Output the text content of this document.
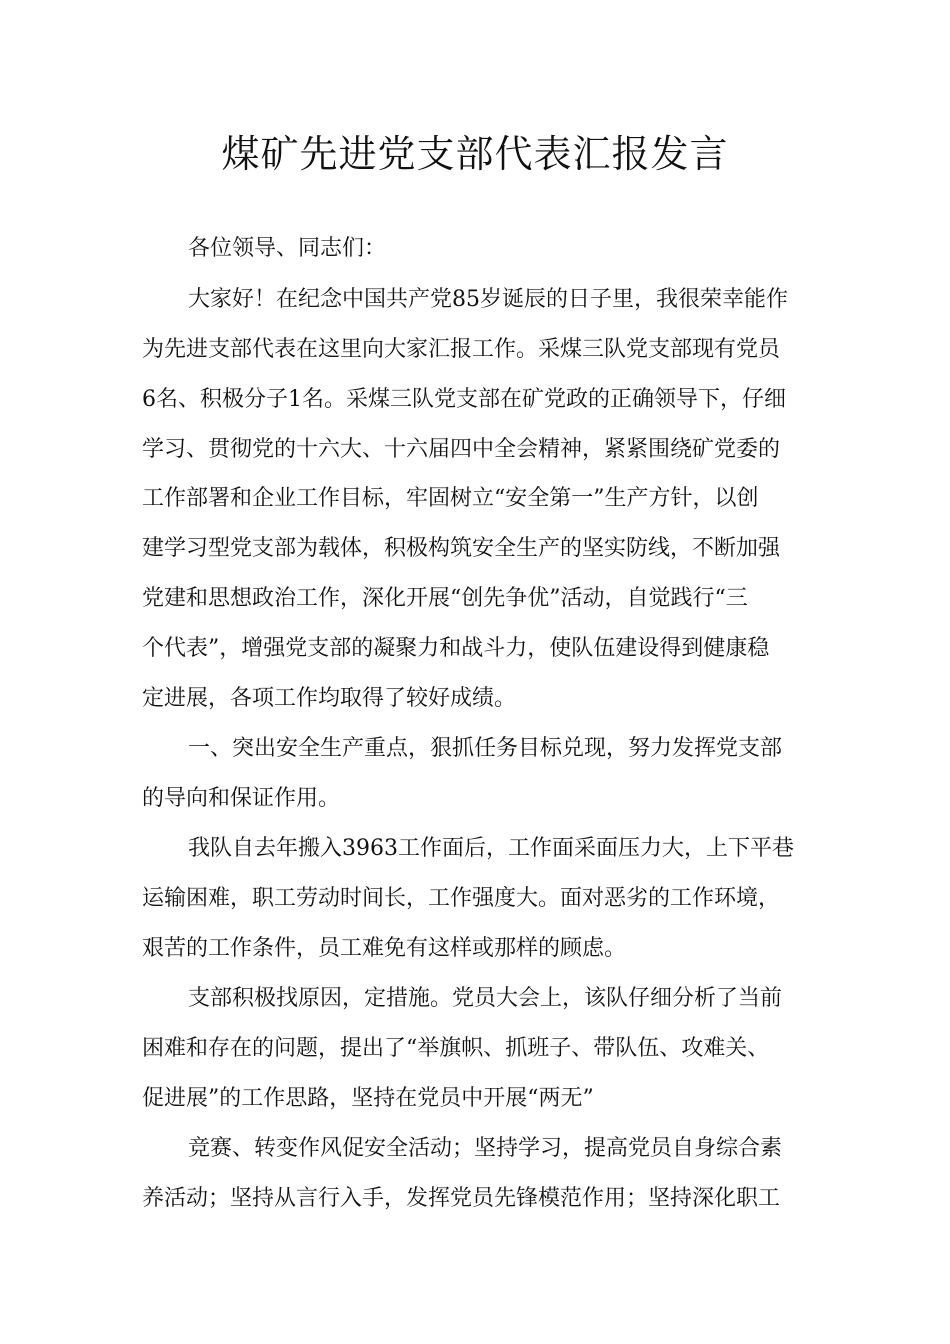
煤矿先进党支部代表汇报发言
各位领导、同志们：
大家好！在纪念中国共产党85岁诞辰的日子里，我很荣幸能作
为先进支部代表在这里向大家汇报工作。采煤三队党支部现有党员
6名、积极分子1名。采煤三队党支部在矿党政的正确领导下，仔细
学习、贯彻党的十六大、十六届四中全会精神，紧紧围绕矿党委的
工作部署和企业工作目标，牢固树立“安全第一”生产方针，以创
建学习型党支部为载体，积极构筑安全生产的坚实防线，不断加强
党建和思想政治工作，深化开展“创先争优”活动，自觉践行“三
个代表”，增强党支部的凝聚力和战斗力，使队伍建设得到健康稳
定进展，各项工作均取得了较好成绩。
一、突出安全生产重点，狠抓任务目标兑现，努力发挥党支部
的导向和保证作用。
我队自去年搬入3963工作面后，工作面采面压力大，上下平巷
运输困难，职工劳动时间长，工作强度大。面对恶劣的工作环境，
艰苦的工作条件，员工难免有这样或那样的顾虑。
支部积极找原因，定措施。党员大会上，该队仔细分析了当前
困难和存在的问题，提出了“举旗帜、抓班子、带队伍、攻难关、
促进展”的工作思路，坚持在党员中开展“两无”
竞赛、转变作风促安全活动；坚持学习，提高党员自身综合素
养活动；坚持从言行入手，发挥党员先锋模范作用；坚持深化职工
